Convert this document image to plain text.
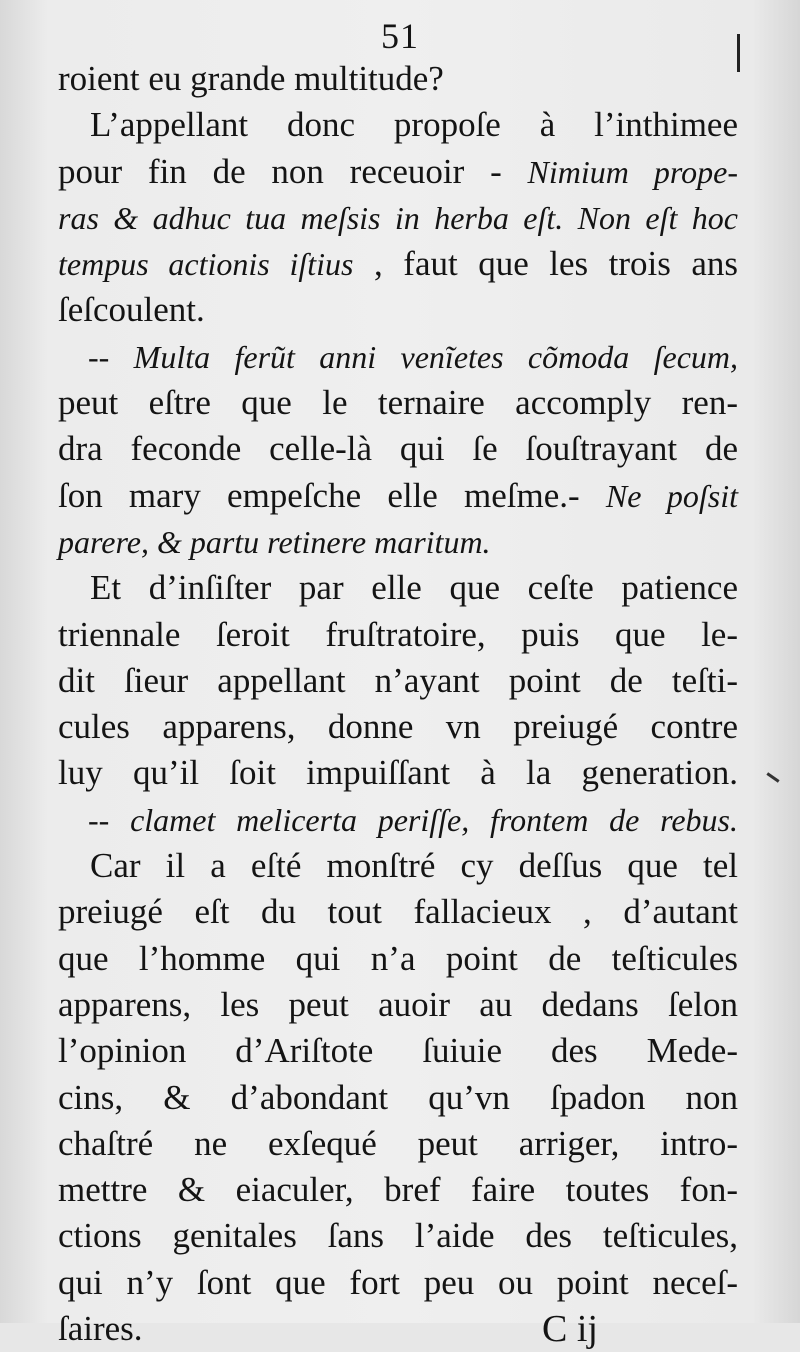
51
roient eu grande multitude?
L’appellant donc propoſe à l’inthimee
pour fin de non receuoir - Nimium prope-
ras & adhuc tua meſsis in herba eſt. Non eſt hoc
tempus actionis iſtius , faut que les trois ans
ſeſcoulent.
-- Multa ferũt anni venĩetes cõmoda ſecum,
peut eſtre que le ternaire accomply ren-
dra feconde celle-là qui ſe ſouſtrayant de
ſon mary empeſche elle meſme.- Ne poſsit
parere, & partu retinere maritum.
Et d’inſiſter par elle que ceſte patience
triennale ſeroit fruſtratoire, puis que le-
dit ſieur appellant n’ayant point de teſti-
cules apparens, donne vn preiugé contre
luy qu’il ſoit impuiſſant à la generation.
-- clamet melicerta periſſe, frontem de rebus.
Car il a eſté monſtré cy deſſus que tel
preiugé eſt du tout fallacieux , d’autant
que l’homme qui n’a point de teſticules
apparens, les peut auoir au dedans ſelon
l’opinion d’Ariſtote ſuiuie des Mede-
cins, & d’abondant qu’vn ſpadon non
chaſtré ne exſequé peut arriger, intro-
mettre & eiaculer, bref faire toutes fon-
ctions genitales ſans l’aide des teſticules,
qui n’y ſont que fort peu ou point neceſ-
ſaires.	C ij
